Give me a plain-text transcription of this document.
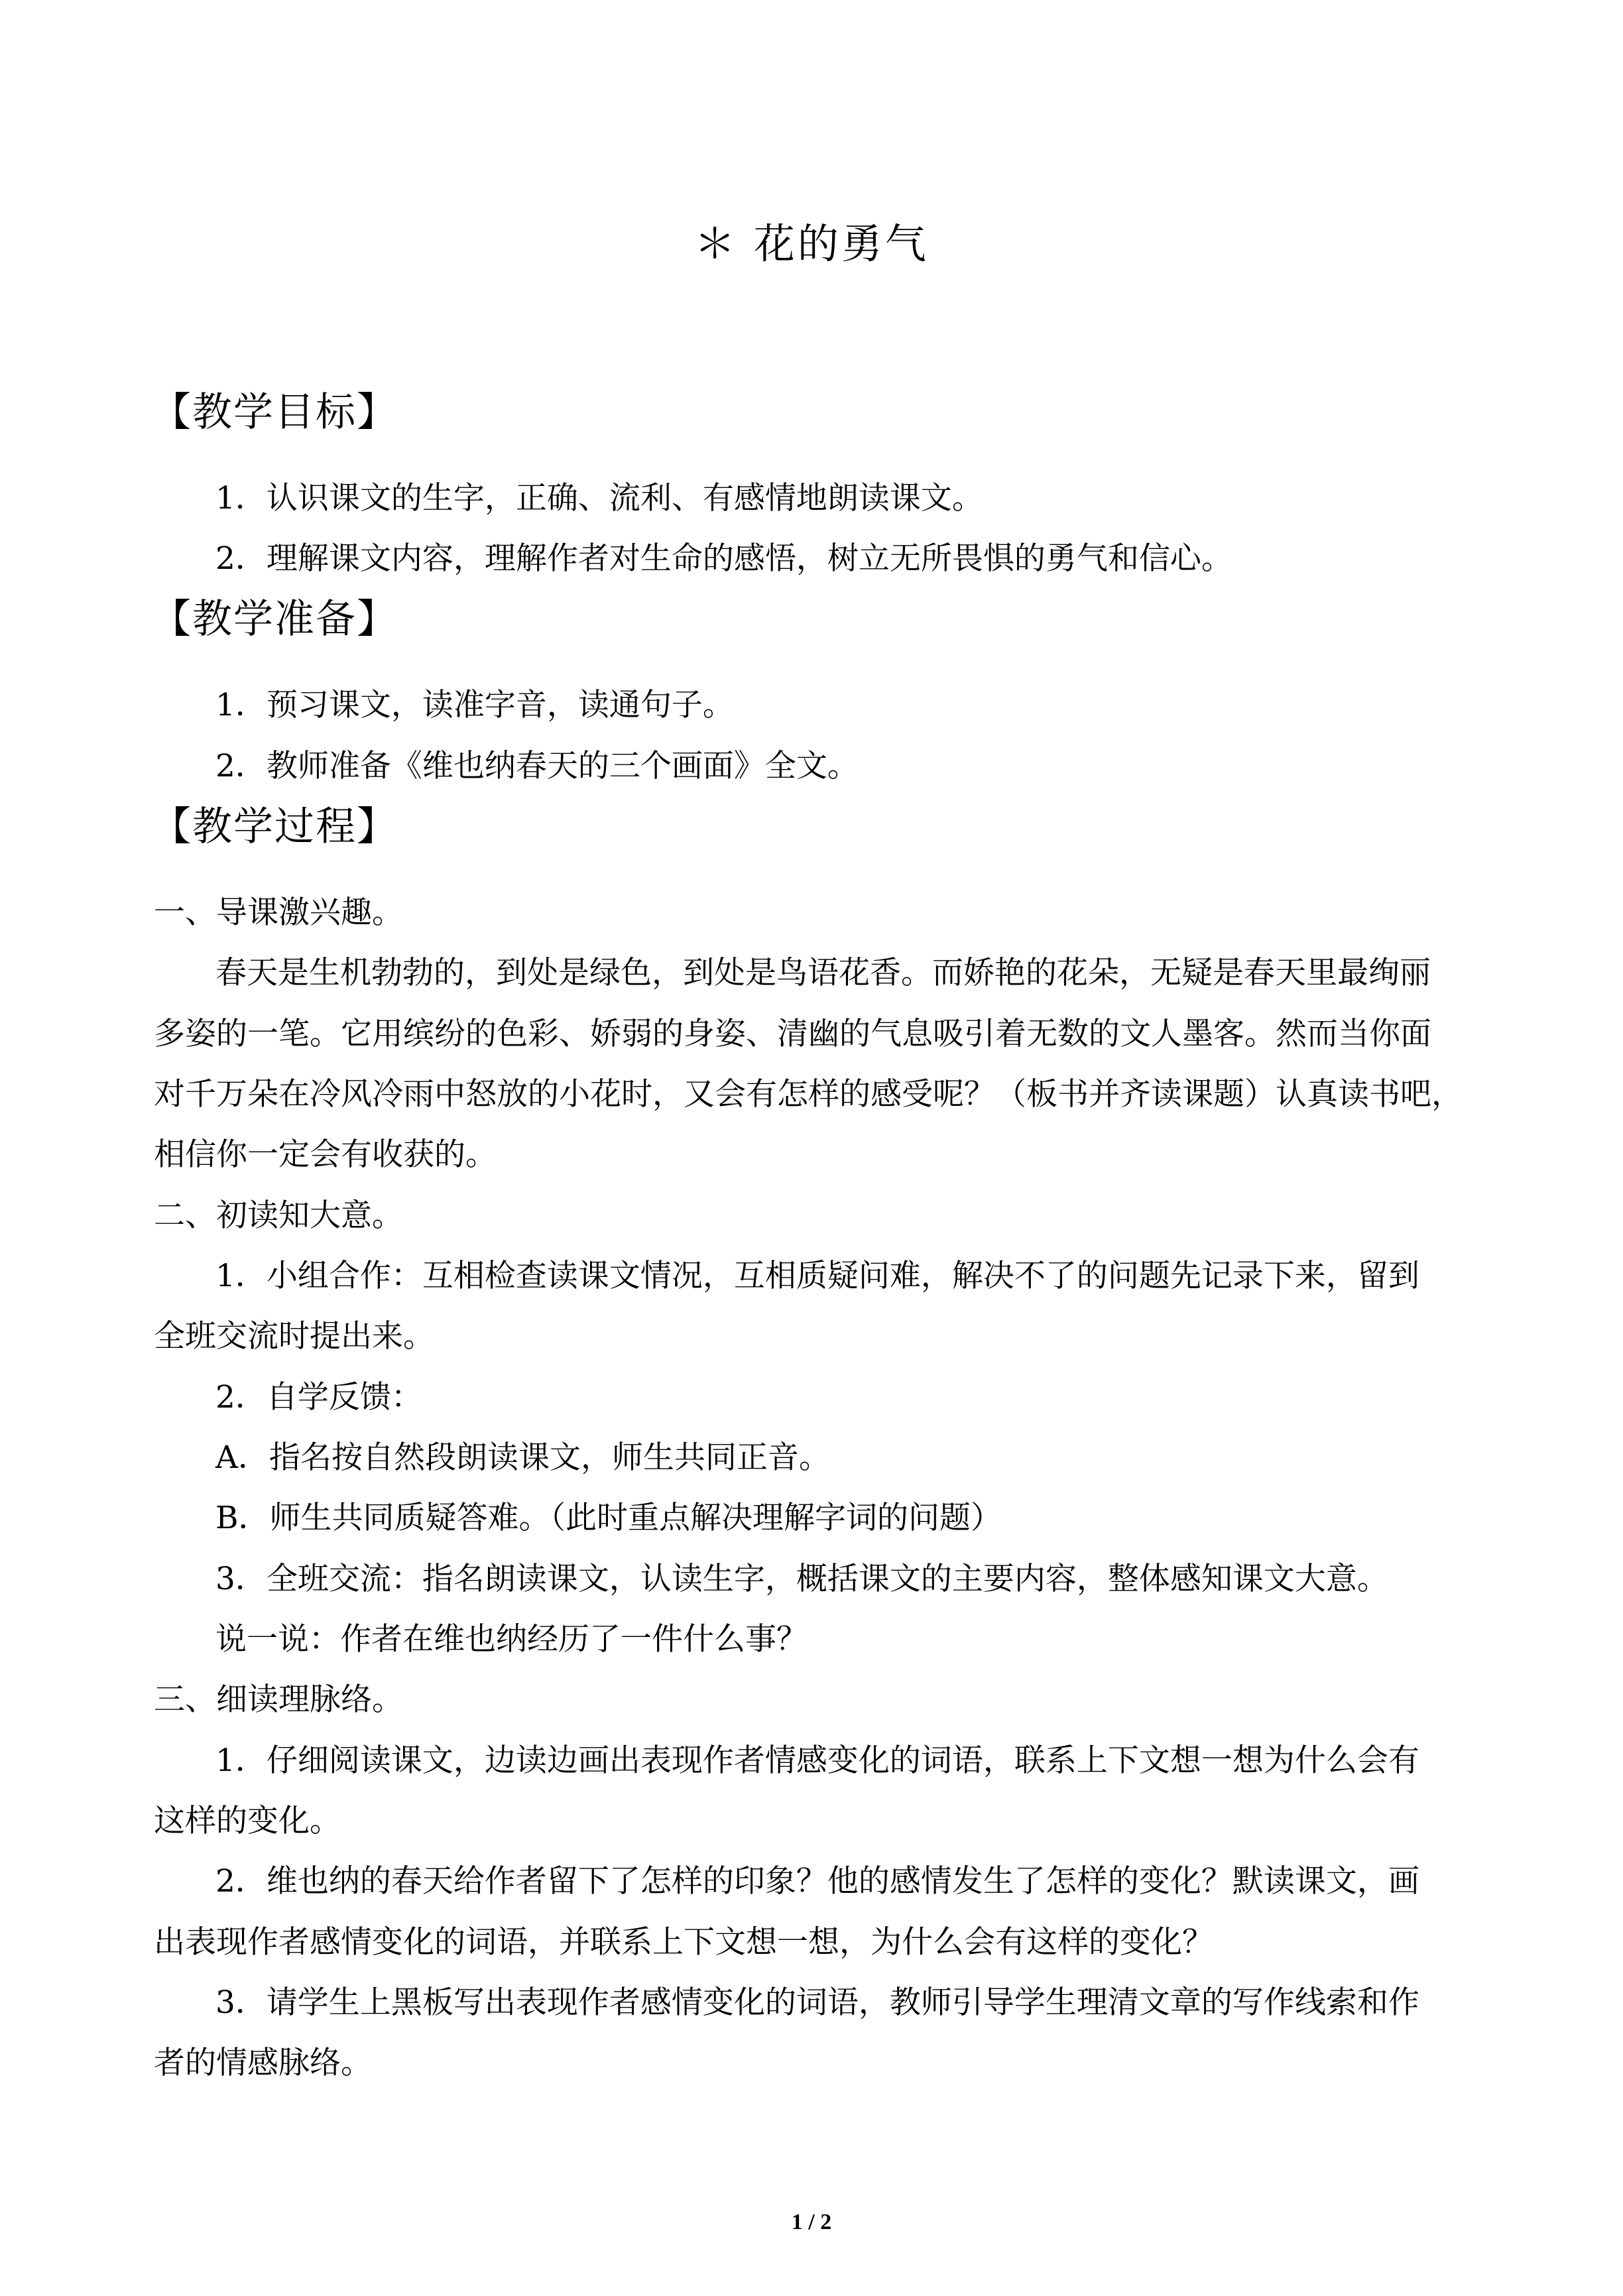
＊ 花的勇气
【教学目标】
1．认识课文的生字，正确、流利、有感情地朗读课文。
2．理解课文内容，理解作者对生命的感悟，树立无所畏惧的勇气和信心。
【教学准备】
1．预习课文，读准字音，读通句子。
2．教师准备《维也纳春天的三个画面》全文。
【教学过程】
一、导课激兴趣。
春天是生机勃勃的，到处是绿色，到处是鸟语花香。而娇艳的花朵，无疑是春天里最绚丽
多姿的一笔。它用缤纷的色彩、娇弱的身姿、清幽的气息吸引着无数的文人墨客。然而当你面
对千万朵在冷风冷雨中怒放的小花时，又会有怎样的感受呢？（板书并齐读课题）认真读书吧，
相信你一定会有收获的。
二、初读知大意。
1．小组合作：互相检查读课文情况，互相质疑问难，解决不了的问题先记录下来，留到
全班交流时提出来。
2．自学反馈：
A．指名按自然段朗读课文，师生共同正音。
B．师生共同质疑答难。（此时重点解决理解字词的问题）
3．全班交流：指名朗读课文，认读生字，概括课文的主要内容，整体感知课文大意。
说一说：作者在维也纳经历了一件什么事？
三、细读理脉络。
1．仔细阅读课文，边读边画出表现作者情感变化的词语，联系上下文想一想为什么会有
这样的变化。
2．维也纳的春天给作者留下了怎样的印象？他的感情发生了怎样的变化？默读课文，画
出表现作者感情变化的词语，并联系上下文想一想，为什么会有这样的变化？
3．请学生上黑板写出表现作者感情变化的词语，教师引导学生理清文章的写作线索和作
者的情感脉络。
1 / 2
